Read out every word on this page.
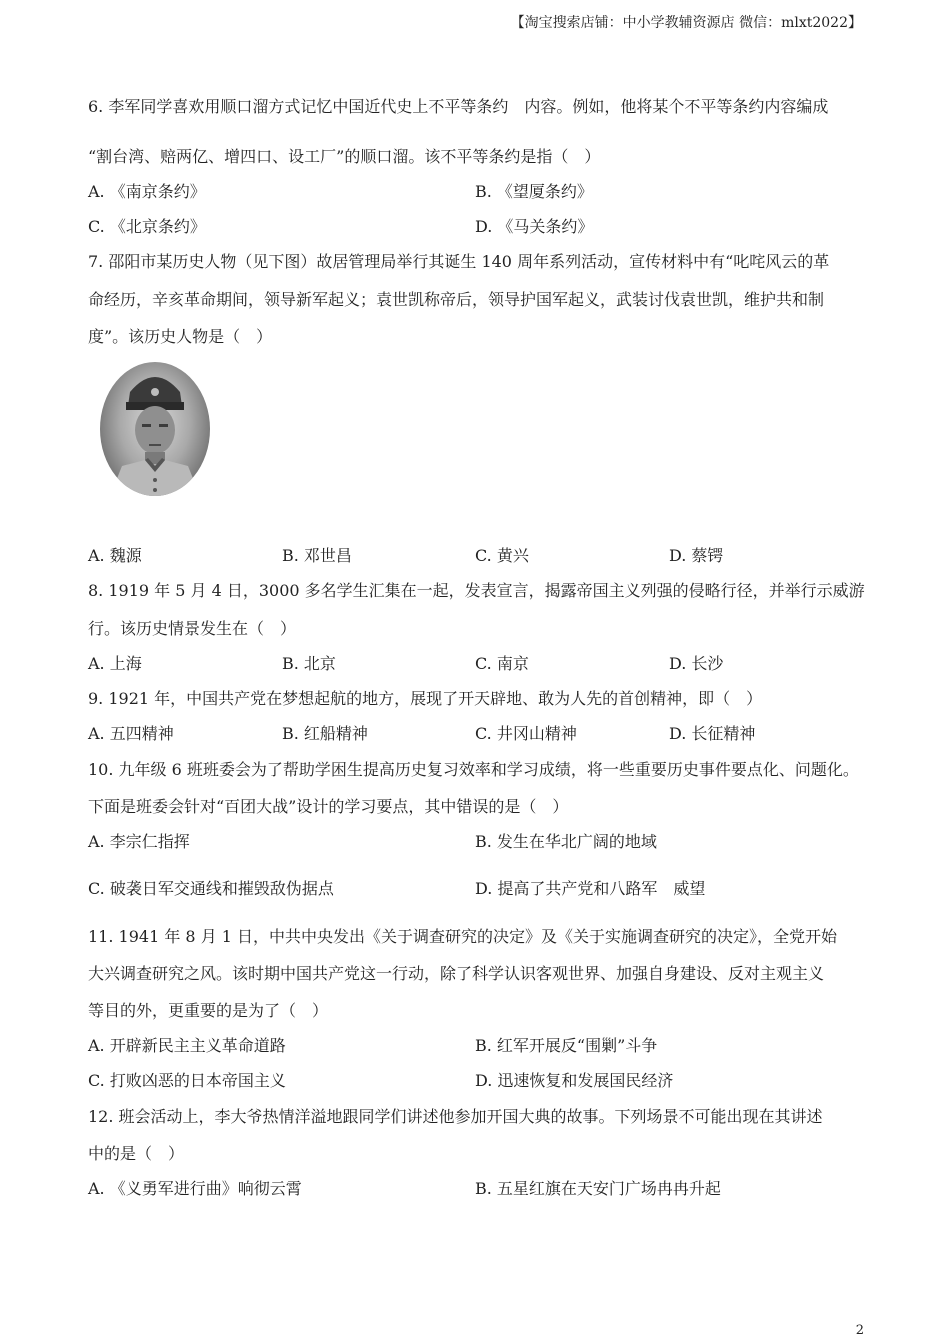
【淘宝搜索店铺：中小学教辅资源店 微信：mlxt2022】
6. 李军同学喜欢用顺口溜方式记忆中国近代史上不平等条约　内容。例如，他将某个不平等条约内容编成
“割台湾、赔两亿、增四口、设工厂”的顺口溜。该不平等条约是指（　）
A. 《南京条约》	B. 《望厦条约》
C. 《北京条约》	D. 《马关条约》
7. 邵阳市某历史人物（见下图）故居管理局举行其诞生 140 周年系列活动，宣传材料中有“叱咤风云的革
命经历，辛亥革命期间，领导新军起义；袁世凯称帝后，领导护国军起义，武装讨伐袁世凯，维护共和制
度”。该历史人物是（　）
A. 魏源	B. 邓世昌	C. 黄兴	D. 蔡锷
8. 1919 年 5 月 4 日，3000 多名学生汇集在一起，发表宣言，揭露帝国主义列强的侵略行径，并举行示威游
行。该历史情景发生在（　）
A. 上海	B. 北京	C. 南京	D. 长沙
9. 1921 年，中国共产党在梦想起航的地方，展现了开天辟地、敢为人先的首创精神，即（　）
A. 五四精神	B. 红船精神	C. 井冈山精神	D. 长征精神
10. 九年级 6 班班委会为了帮助学困生提高历史复习效率和学习成绩，将一些重要历史事件要点化、问题化。
下面是班委会针对“百团大战”设计的学习要点，其中错误的是（　）
A. 李宗仁指挥	B. 发生在华北广阔的地域
C. 破袭日军交通线和摧毁敌伪据点	D. 提高了共产党和八路军　威望
11. 1941 年 8 月 1 日，中共中央发出《关于调查研究的决定》及《关于实施调查研究的决定》，全党开始
大兴调查研究之风。该时期中国共产党这一行动，除了科学认识客观世界、加强自身建设、反对主观主义
等目的外，更重要的是为了（　）
A. 开辟新民主主义革命道路	B. 红军开展反“围剿”斗争
C. 打败凶恶的日本帝国主义	D. 迅速恢复和发展国民经济
12. 班会活动上，李大爷热情洋溢地跟同学们讲述他参加开国大典的故事。下列场景不可能出现在其讲述
中的是（　）
A. 《义勇军进行曲》响彻云霄	B. 五星红旗在天安门广场冉冉升起
2
